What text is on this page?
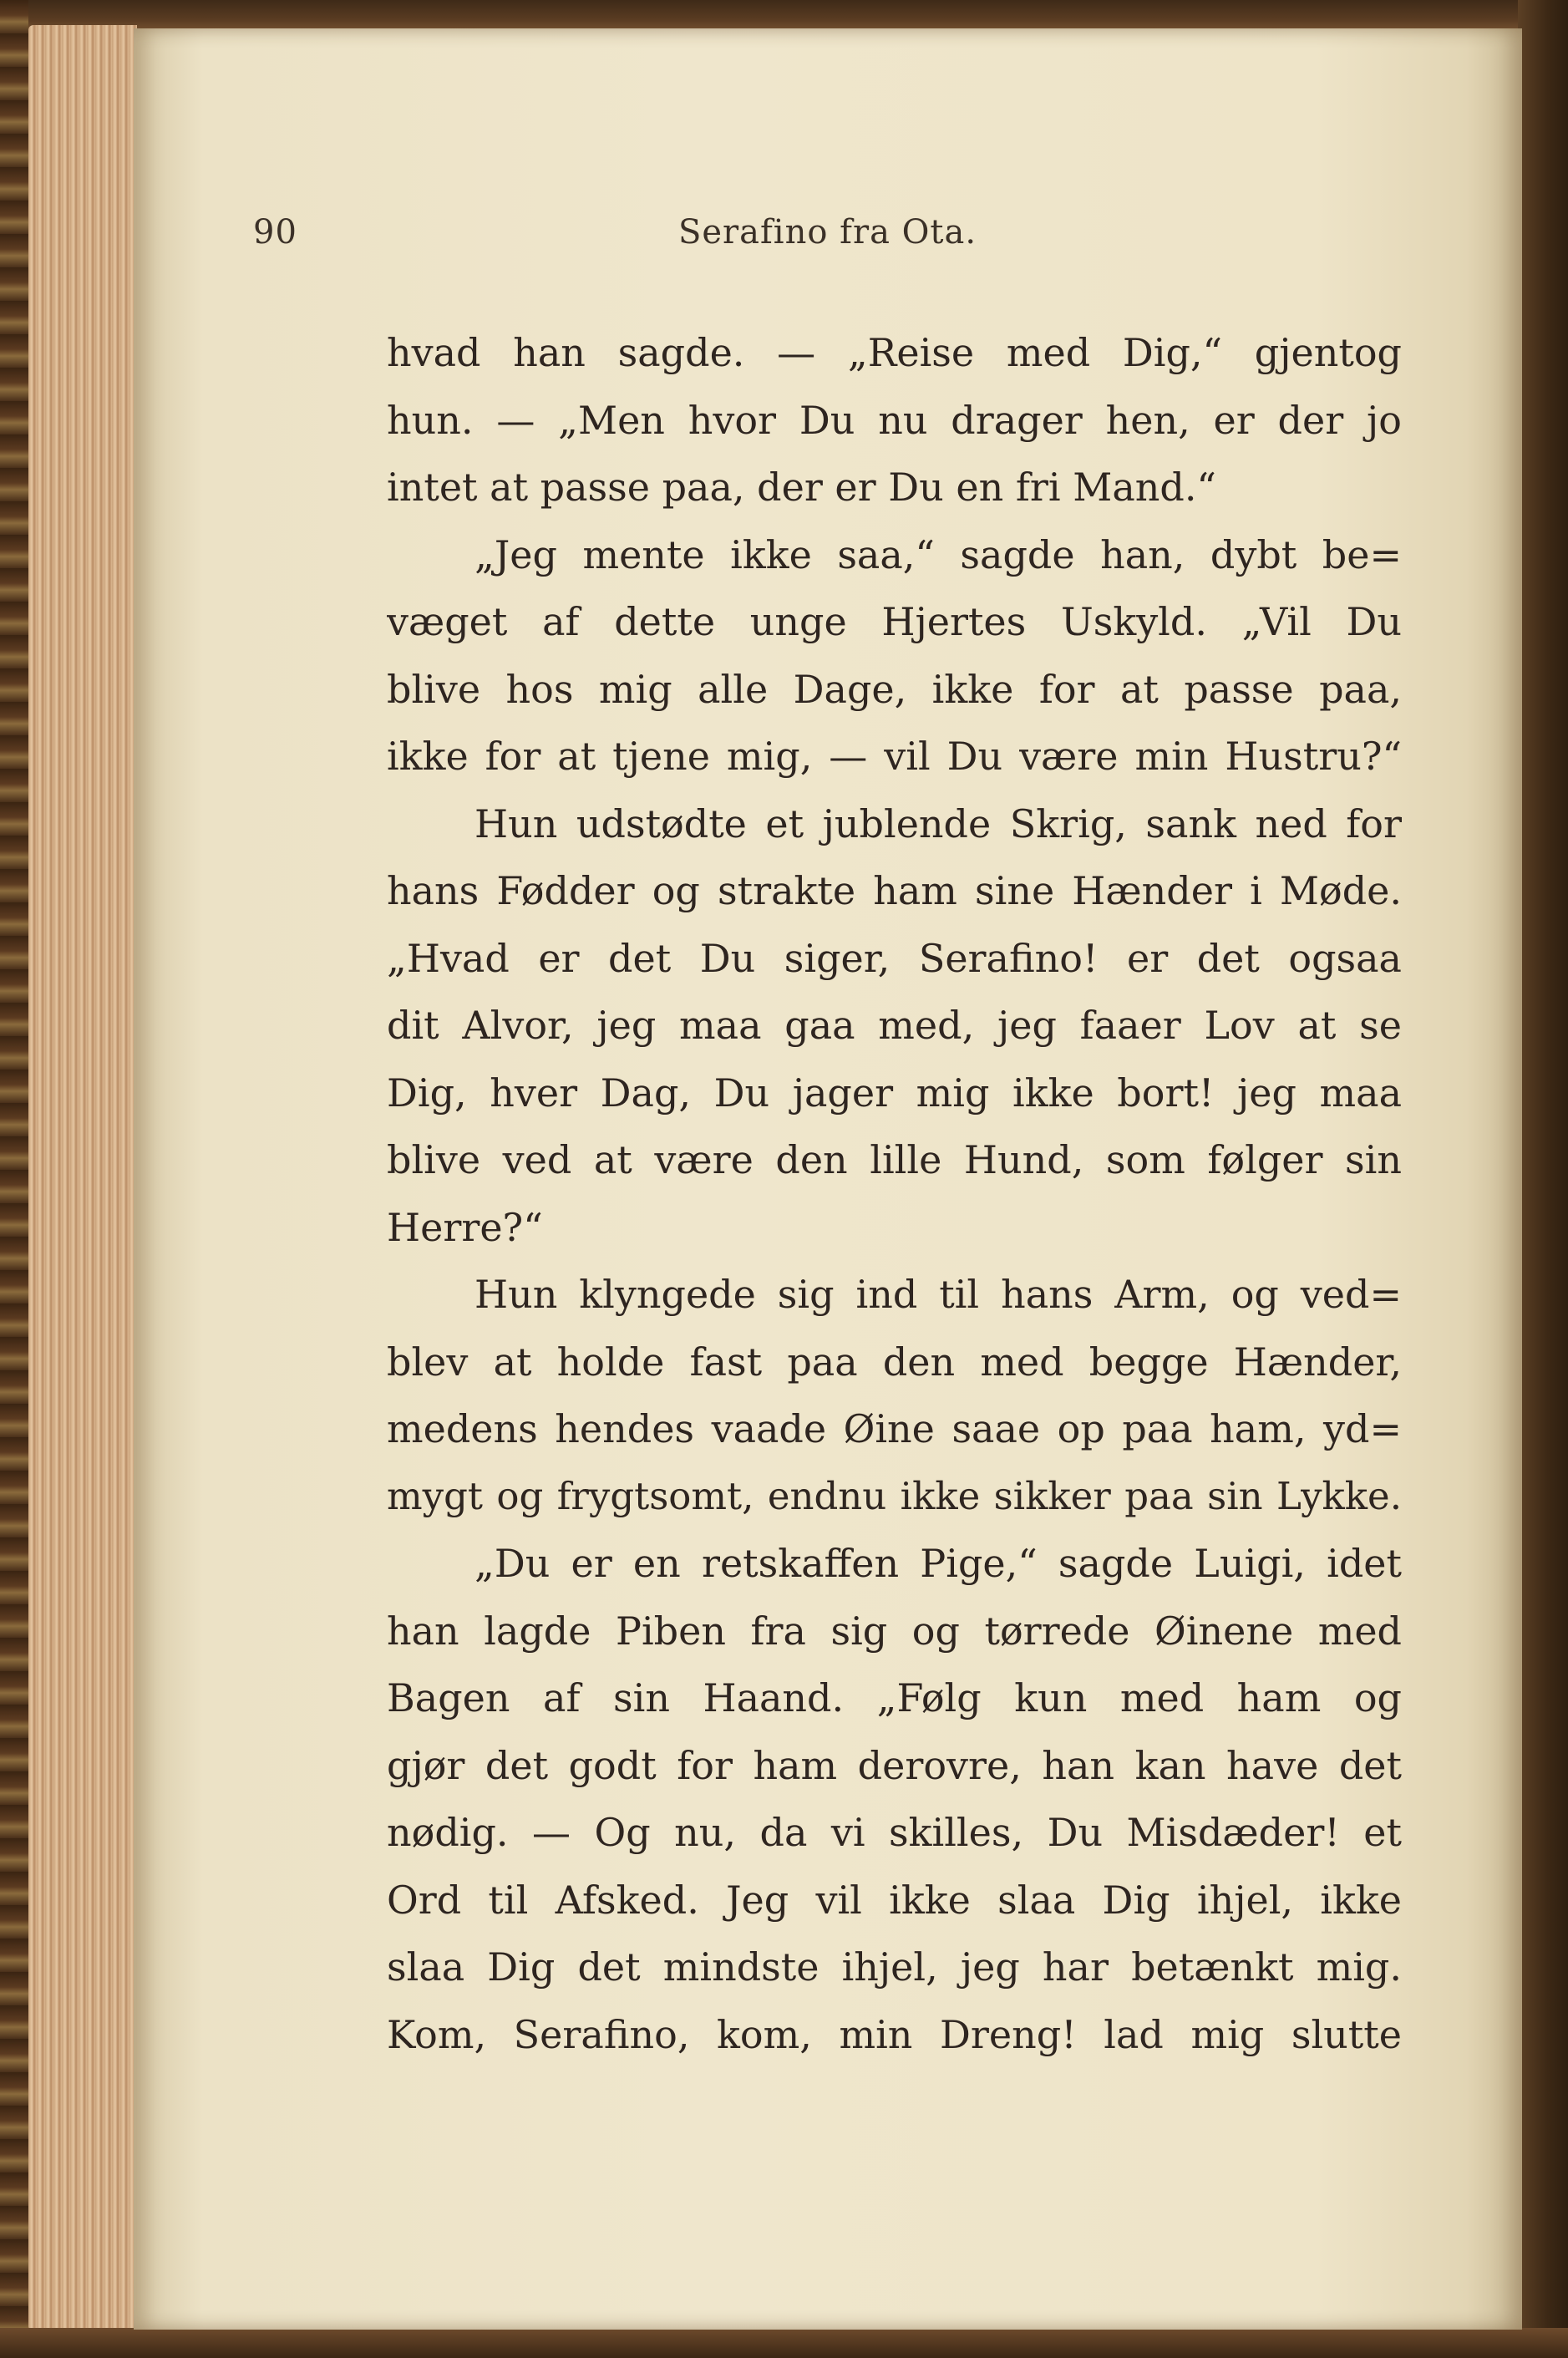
90	Serafino fra Ota.
hvad han sagde. — „Reise med Dig,“ gjentog
hun. — „Men hvor Du nu drager hen, er der jo
intet at passe paa, der er Du en fri Mand.“
„Jeg mente ikke saa,“ sagde han, dybt be=
væget af dette unge Hjertes Uskyld. „Vil Du
blive hos mig alle Dage, ikke for at passe paa,
ikke for at tjene mig, — vil Du være min Hustru?“
Hun udstødte et jublende Skrig, sank ned for
hans Fødder og strakte ham sine Hænder i Møde.
„Hvad er det Du siger, Serafino! er det ogsaa
dit Alvor, jeg maa gaa med, jeg faaer Lov at se
Dig, hver Dag, Du jager mig ikke bort! jeg maa
blive ved at være den lille Hund, som følger sin
Herre?“
Hun klyngede sig ind til hans Arm, og ved=
blev at holde fast paa den med begge Hænder,
medens hendes vaade Øine saae op paa ham, yd=
mygt og frygtsomt, endnu ikke sikker paa sin Lykke.
„Du er en retskaffen Pige,“ sagde Luigi, idet
han lagde Piben fra sig og tørrede Øinene med
Bagen af sin Haand. „Følg kun med ham og
gjør det godt for ham derovre, han kan have det
nødig. — Og nu, da vi skilles, Du Misdæder! et
Ord til Afsked. Jeg vil ikke slaa Dig ihjel, ikke
slaa Dig det mindste ihjel, jeg har betænkt mig.
Kom, Serafino, kom, min Dreng! lad mig slutte
